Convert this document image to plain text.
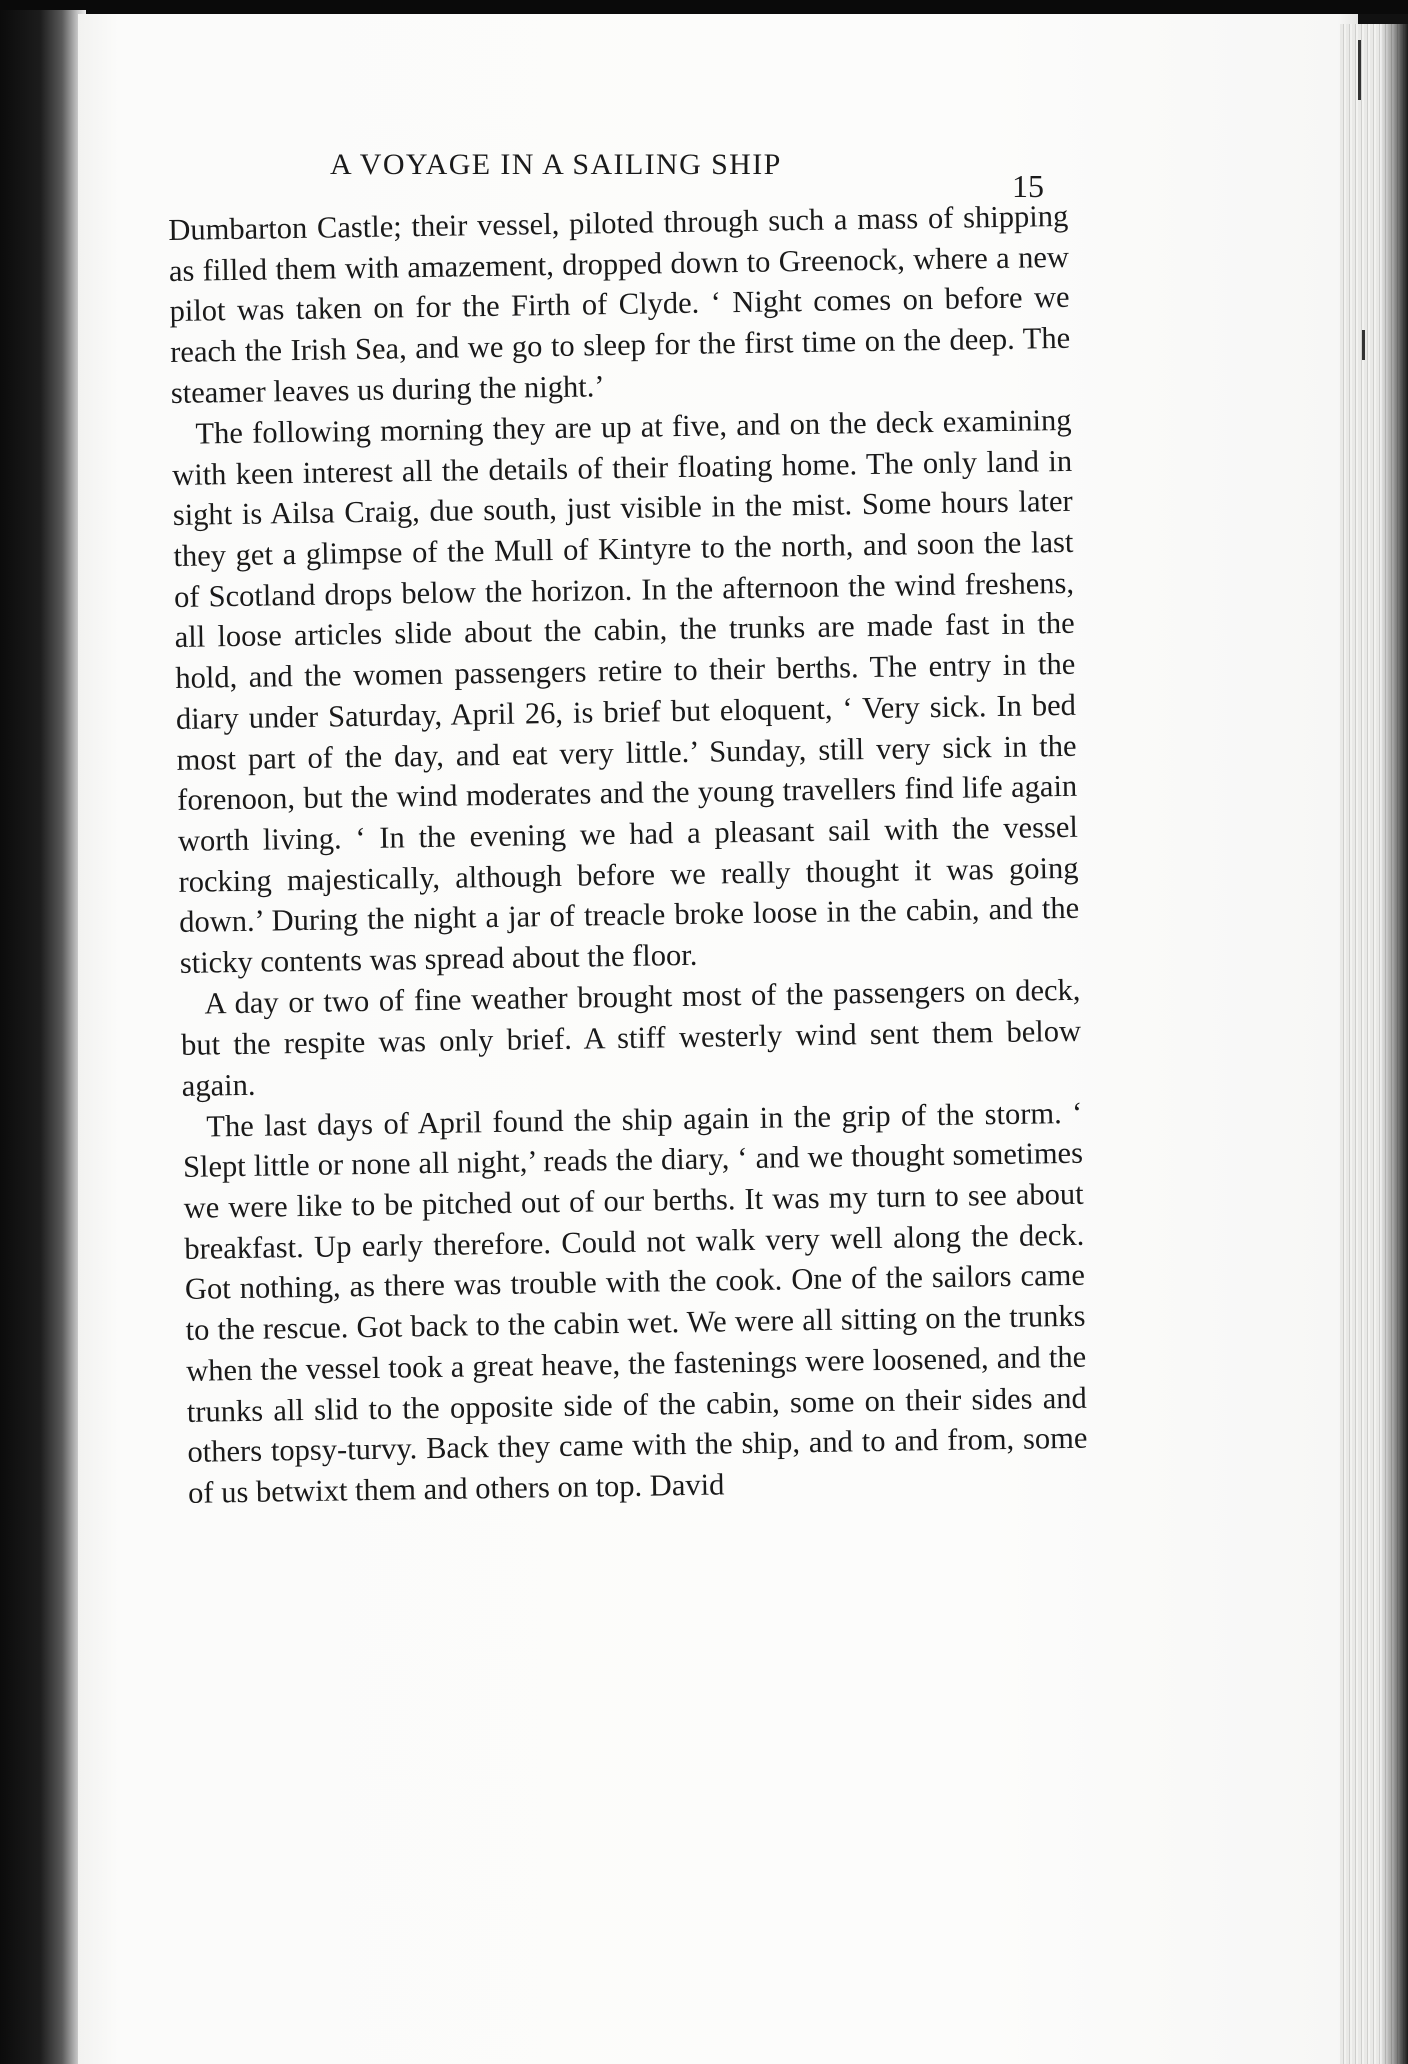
A VOYAGE IN A SAILING SHIP
15

Dumbarton Castle; their vessel, piloted through such a mass of shipping as filled them with amazement, dropped down to Greenock, where a new pilot was taken on for the Firth of Clyde. ‘ Night comes on before we reach the Irish Sea, and we go to sleep for the first time on the deep. The steamer leaves us during the night.’

The following morning they are up at five, and on the deck examining with keen interest all the details of their floating home. The only land in sight is Ailsa Craig, due south, just visible in the mist. Some hours later they get a glimpse of the Mull of Kintyre to the north, and soon the last of Scotland drops below the horizon. In the afternoon the wind freshens, all loose articles slide about the cabin, the trunks are made fast in the hold, and the women passengers retire to their berths. The entry in the diary under Saturday, April 26, is brief but eloquent, ‘ Very sick. In bed most part of the day, and eat very little.’ Sunday, still very sick in the forenoon, but the wind moderates and the young travellers find life again worth living. ‘ In the evening we had a pleasant sail with the vessel rocking majestically, although before we really thought it was going down.’ During the night a jar of treacle broke loose in the cabin, and the sticky contents was spread about the floor.

A day or two of fine weather brought most of the passengers on deck, but the respite was only brief. A stiff westerly wind sent them below again.

The last days of April found the ship again in the grip of the storm. ‘ Slept little or none all night,’ reads the diary, ‘ and we thought sometimes we were like to be pitched out of our berths. It was my turn to see about breakfast. Up early therefore. Could not walk very well along the deck. Got nothing, as there was trouble with the cook. One of the sailors came to the rescue. Got back to the cabin wet. We were all sitting on the trunks when the vessel took a great heave, the fastenings were loosened, and the trunks all slid to the opposite side of the cabin, some on their sides and others topsy-turvy. Back they came with the ship, and to and from, some of us betwixt them and others on top. David
